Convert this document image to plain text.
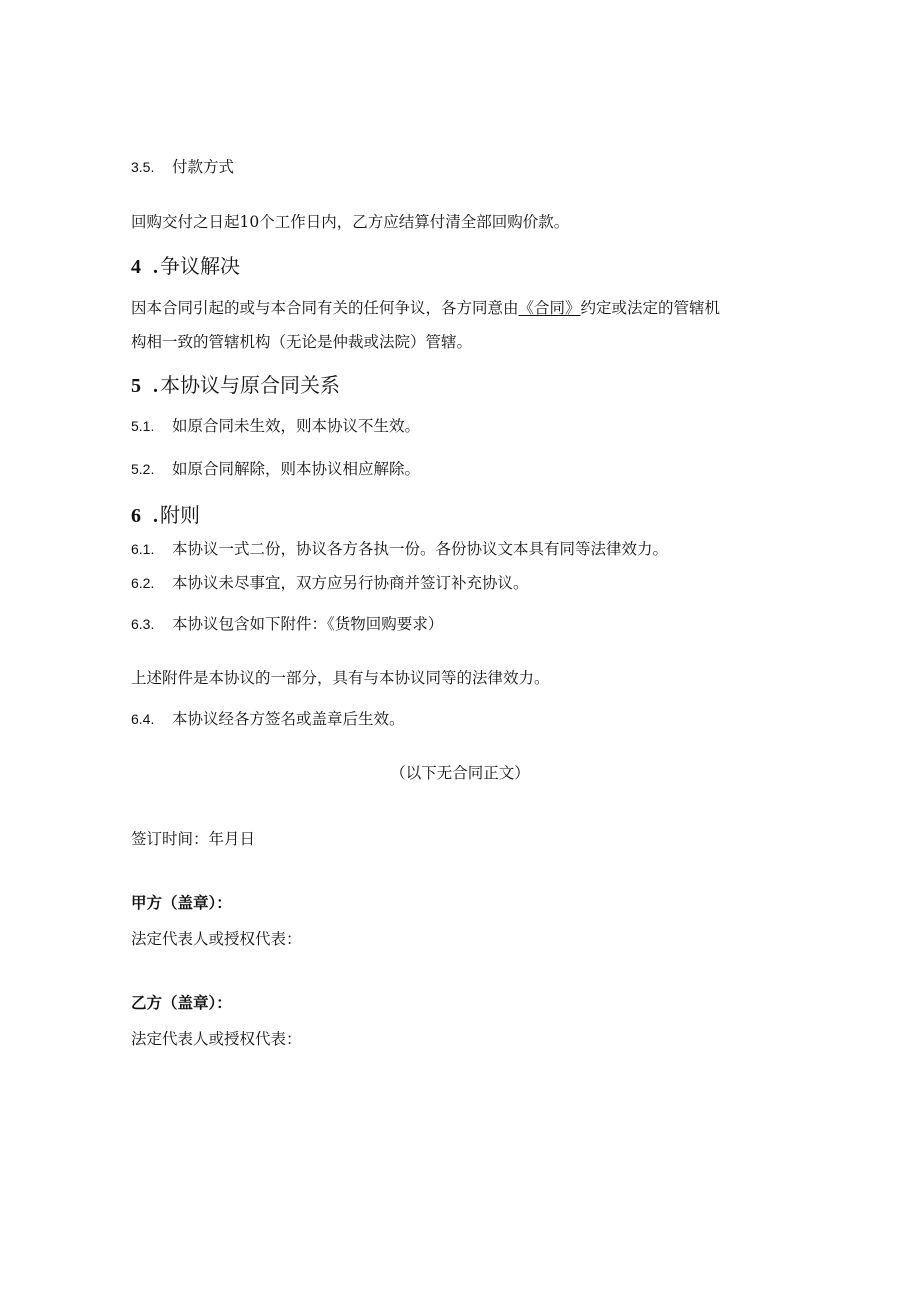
3.5. 付款方式
回购交付之日起10个工作日内，乙方应结算付清全部回购价款。
4 . 争议解决
因本合同引起的或与本合同有关的任何争议，各方同意由《合同》约定或法定的管辖机
构相一致的管辖机构（无论是仲裁或法院）管辖。
5 . 本协议与原合同关系
5.1. 如原合同未生效，则本协议不生效。
5.2. 如原合同解除，则本协议相应解除。
6 . 附则
6.1. 本协议一式二份，协议各方各执一份。各份协议文本具有同等法律效力。
6.2. 本协议未尽事宜，双方应另行协商并签订补充协议。
6.3. 本协议包含如下附件：《货物回购要求）
上述附件是本协议的一部分，具有与本协议同等的法律效力。
6.4. 本协议经各方签名或盖章后生效。
（以下无合同正文）
签订时间：年月日
甲方（盖章）：
法定代表人或授权代表：
乙方（盖章）：
法定代表人或授权代表：
